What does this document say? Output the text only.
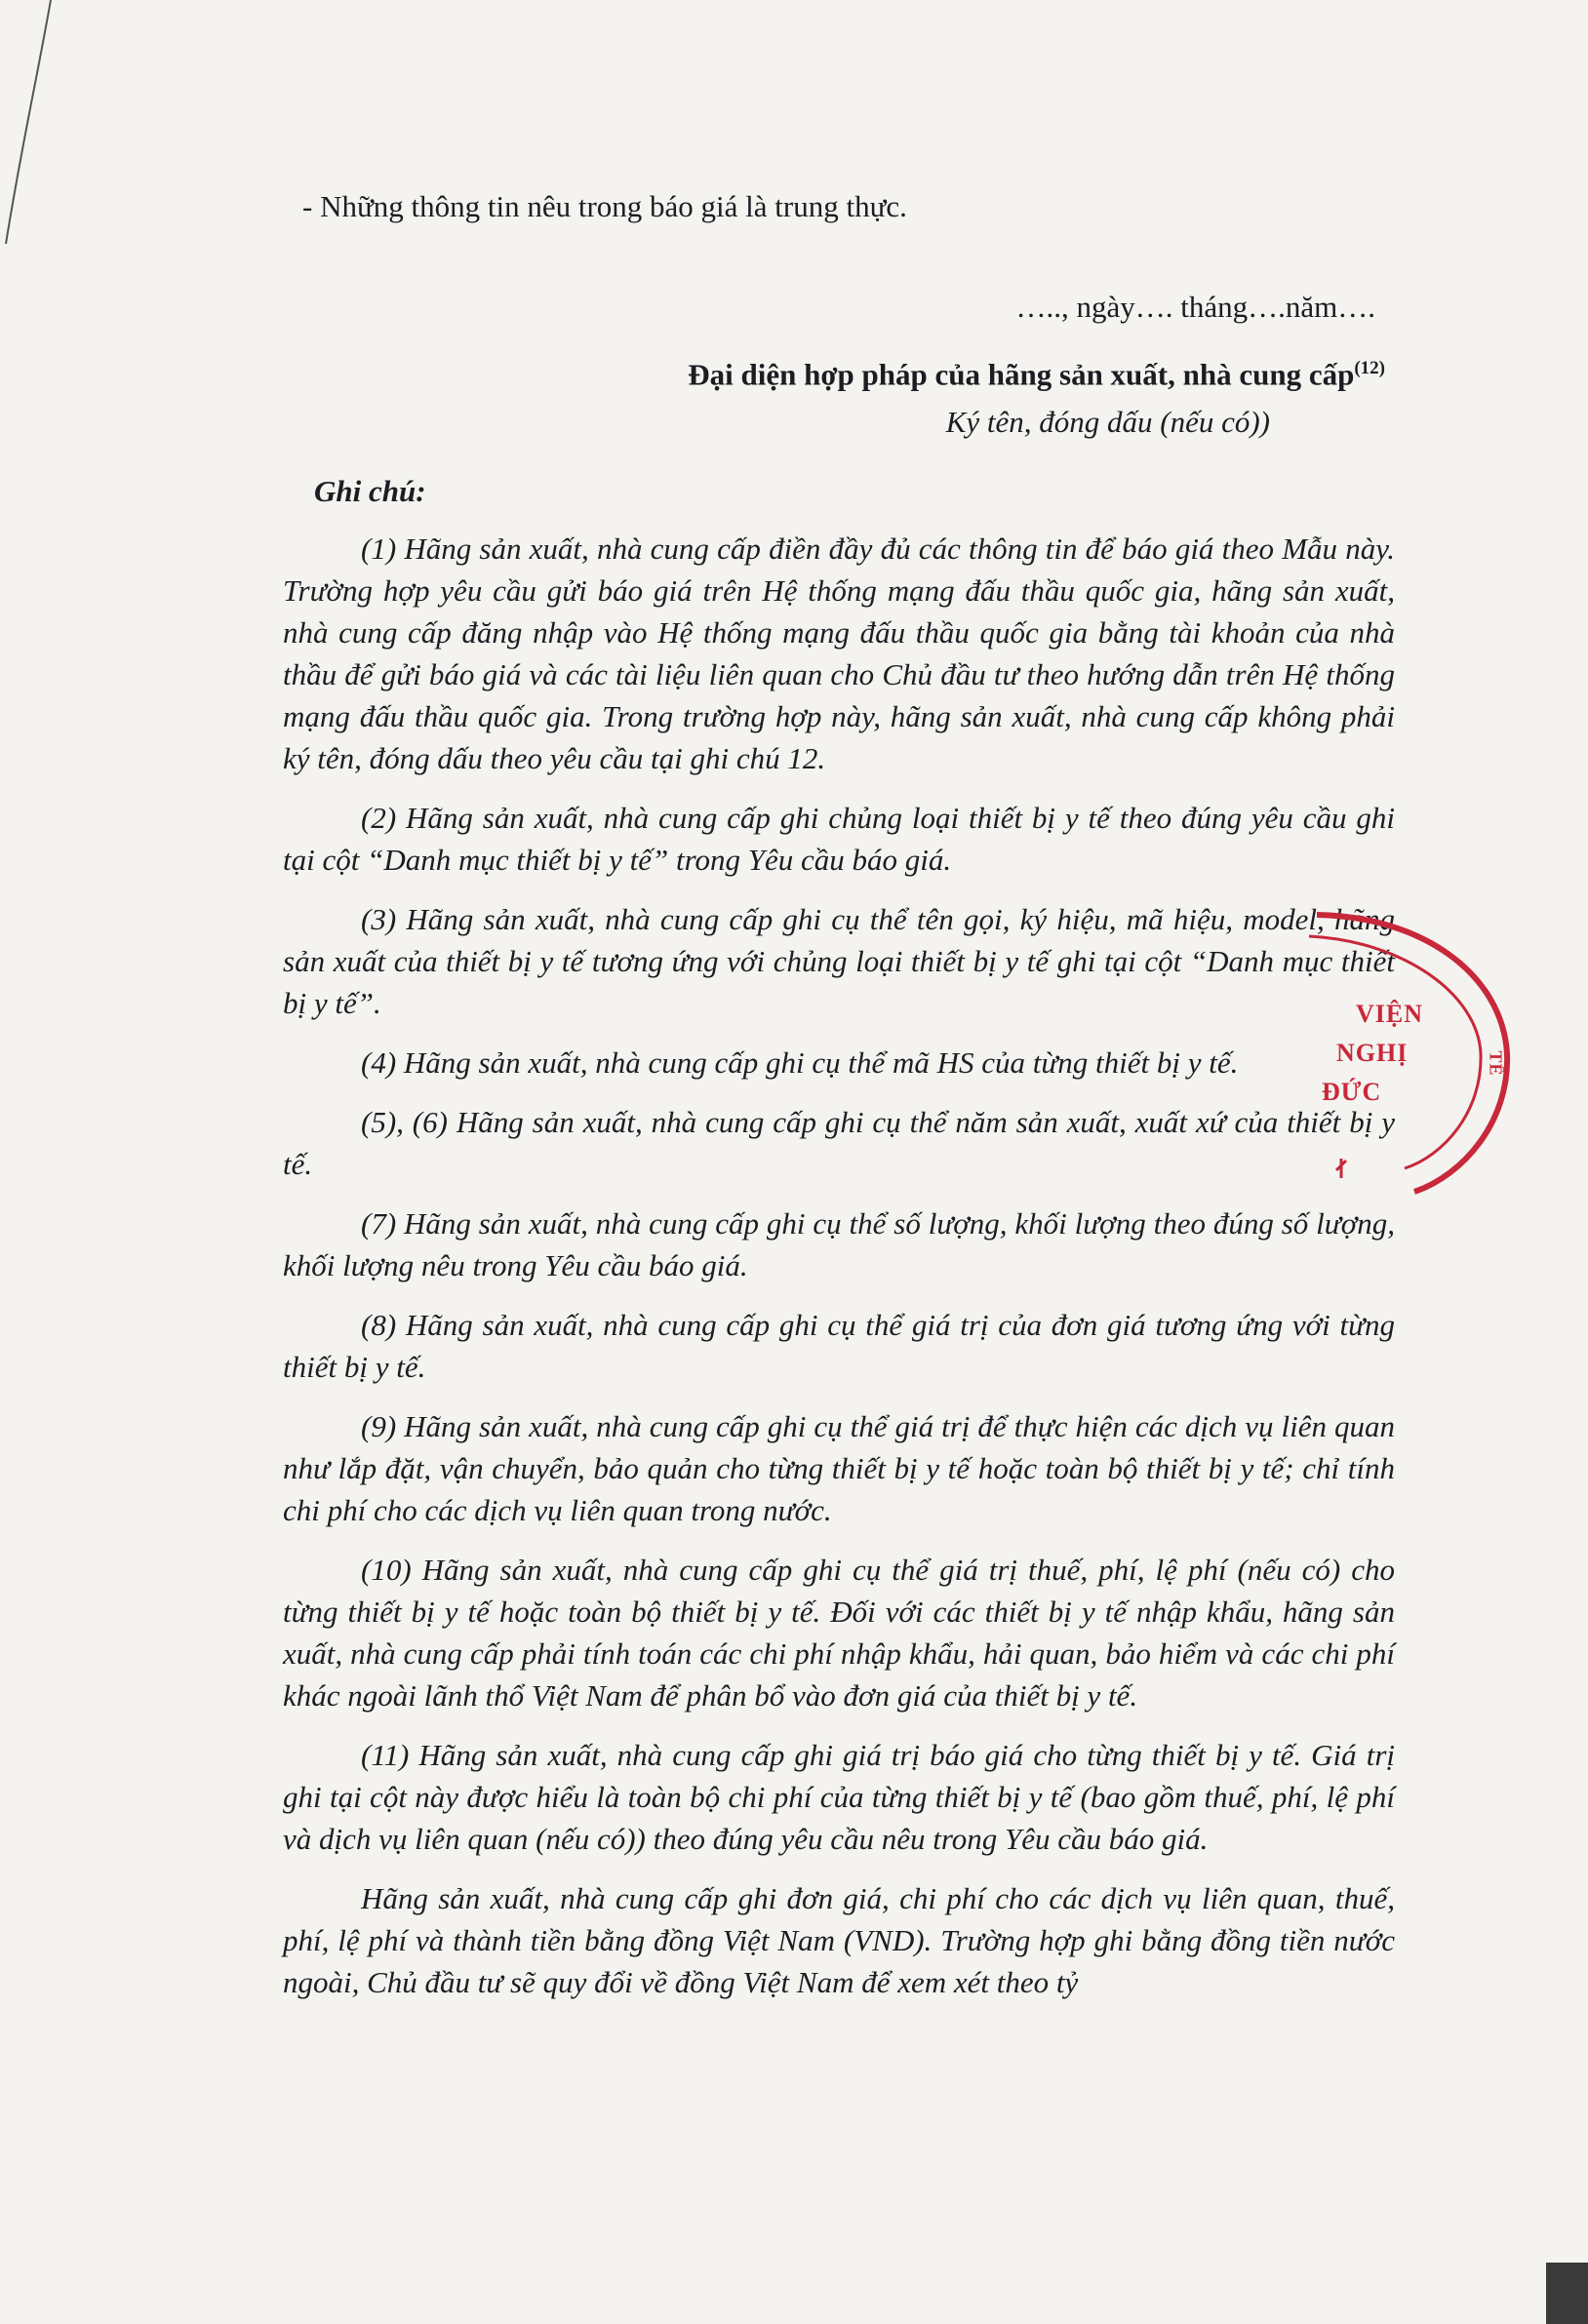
- Những thông tin nêu trong báo giá là trung thực.

….., ngày…. tháng….năm….

Đại diện hợp pháp của hãng sản xuất, nhà cung cấp$^{(12)}$

Ký tên, đóng dấu (nếu có))

Ghi chú:

(1) Hãng sản xuất, nhà cung cấp điền đầy đủ các thông tin để báo giá theo Mẫu này. Trường hợp yêu cầu gửi báo giá trên Hệ thống mạng đấu thầu quốc gia, hãng sản xuất, nhà cung cấp đăng nhập vào Hệ thống mạng đấu thầu quốc gia bằng tài khoản của nhà thầu để gửi báo giá và các tài liệu liên quan cho Chủ đầu tư theo hướng dẫn trên Hệ thống mạng đấu thầu quốc gia. Trong trường hợp này, hãng sản xuất, nhà cung cấp không phải ký tên, đóng dấu theo yêu cầu tại ghi chú 12.

(2) Hãng sản xuất, nhà cung cấp ghi chủng loại thiết bị y tế theo đúng yêu cầu ghi tại cột “Danh mục thiết bị y tế” trong Yêu cầu báo giá.

(3) Hãng sản xuất, nhà cung cấp ghi cụ thể tên gọi, ký hiệu, mã hiệu, model, hãng sản xuất của thiết bị y tế tương ứng với chủng loại thiết bị y tế ghi tại cột “Danh mục thiết bị y tế”.

(4) Hãng sản xuất, nhà cung cấp ghi cụ thể mã HS của từng thiết bị y tế.

(5), (6) Hãng sản xuất, nhà cung cấp ghi cụ thể năm sản xuất, xuất xứ của thiết bị y tế.

(7) Hãng sản xuất, nhà cung cấp ghi cụ thể số lượng, khối lượng theo đúng số lượng, khối lượng nêu trong Yêu cầu báo giá.

(8) Hãng sản xuất, nhà cung cấp ghi cụ thể giá trị của đơn giá tương ứng với từng thiết bị y tế.

(9) Hãng sản xuất, nhà cung cấp ghi cụ thể giá trị để thực hiện các dịch vụ liên quan như lắp đặt, vận chuyển, bảo quản cho từng thiết bị y tế hoặc toàn bộ thiết bị y tế; chỉ tính chi phí cho các dịch vụ liên quan trong nước.

(10) Hãng sản xuất, nhà cung cấp ghi cụ thể giá trị thuế, phí, lệ phí (nếu có) cho từng thiết bị y tế hoặc toàn bộ thiết bị y tế. Đối với các thiết bị y tế nhập khẩu, hãng sản xuất, nhà cung cấp phải tính toán các chi phí nhập khẩu, hải quan, bảo hiểm và các chi phí khác ngoài lãnh thổ Việt Nam để phân bổ vào đơn giá của thiết bị y tế.

(11) Hãng sản xuất, nhà cung cấp ghi giá trị báo giá cho từng thiết bị y tế. Giá trị ghi tại cột này được hiểu là toàn bộ chi phí của từng thiết bị y tế (bao gồm thuế, phí, lệ phí và dịch vụ liên quan (nếu có)) theo đúng yêu cầu nêu trong Yêu cầu báo giá.

Hãng sản xuất, nhà cung cấp ghi đơn giá, chi phí cho các dịch vụ liên quan, thuế, phí, lệ phí và thành tiền bằng đồng Việt Nam (VND). Trường hợp ghi bằng đồng tiền nước ngoài, Chủ đầu tư sẽ quy đổi về đồng Việt Nam để xem xét theo tỷ

VIỆN
NGHỊ
ĐỨC
TẾ
